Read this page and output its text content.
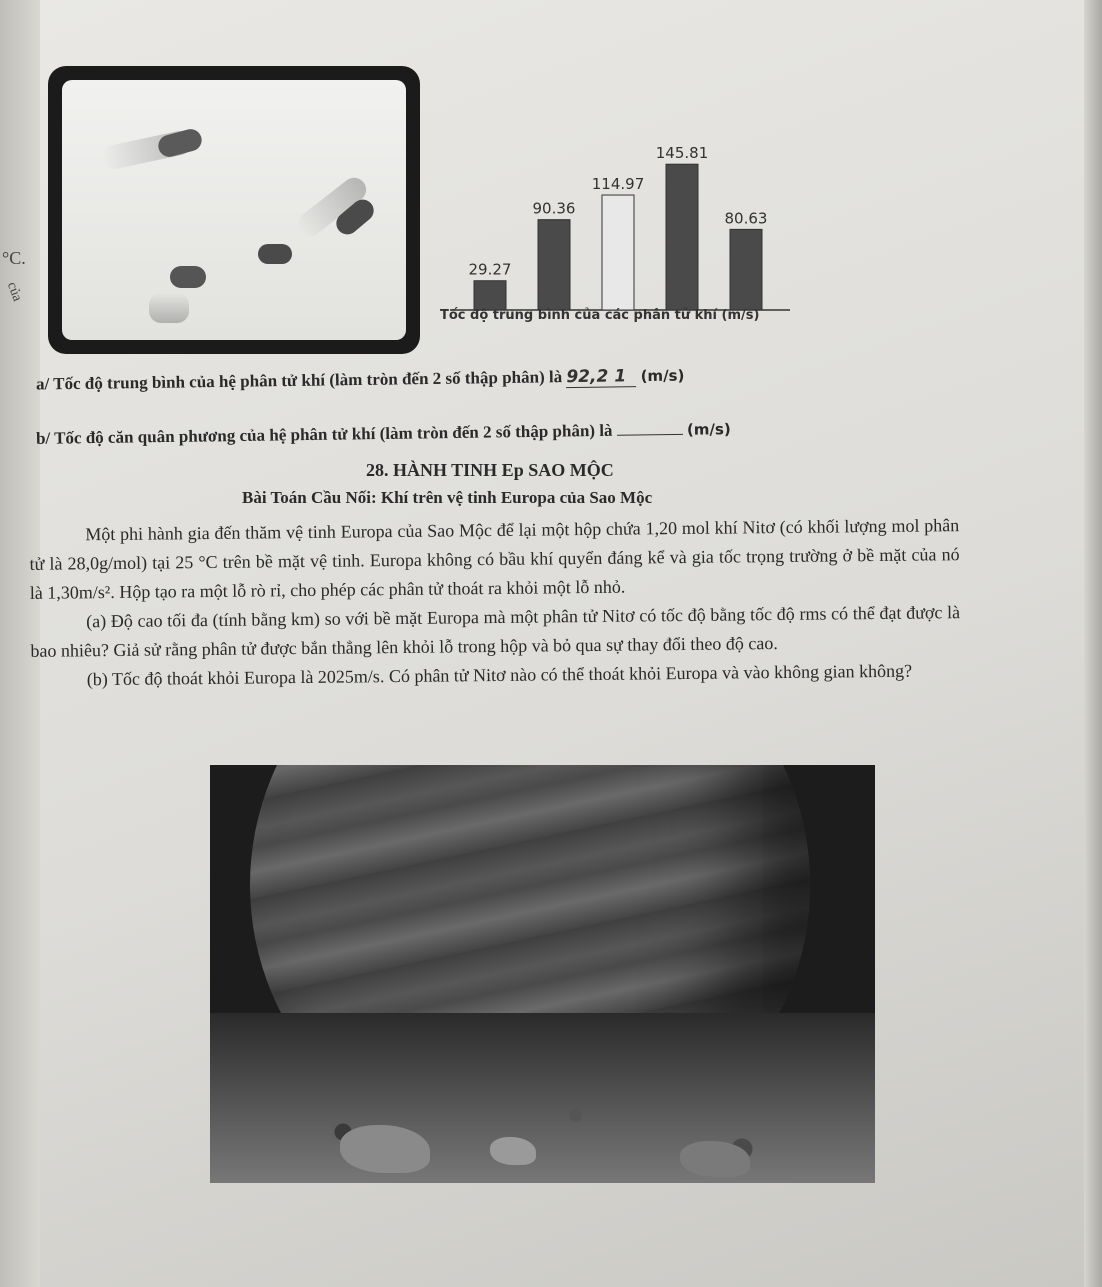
°C.
của
29.27
90.36
114.97
145.81
80.63
Tốc độ trung bình của các phân tử khí (m/s)
a/ Tốc độ trung bình của hệ phân tử khí (làm tròn đến 2 số thập phân) là 92,2 1 (m/s)
b/ Tốc độ căn quân phương của hệ phân tử khí (làm tròn đến 2 số thập phân) là	(m/s)
28. HÀNH TINH Ep SAO MỘC
Bài Toán Cầu Nối: Khí trên vệ tinh Europa của Sao Mộc

Một phi hành gia đến thăm vệ tinh Europa của Sao Mộc để lại một hộp chứa 1,20 mol khí Nitơ (có khối lượng mol phân tử là 28,0g/mol) tại 25 °C trên bề mặt vệ tinh. Europa không có bầu khí quyển đáng kể và gia tốc trọng trường ở bề mặt của nó là 1,30m/s². Hộp tạo ra một lỗ rò rỉ, cho phép các phân tử thoát ra khỏi một lỗ nhỏ.

(a) Độ cao tối đa (tính bằng km) so với bề mặt Europa mà một phân tử Nitơ có tốc độ bằng tốc độ rms có thể đạt được là bao nhiêu? Giả sử rằng phân tử được bắn thẳng lên khỏi lỗ trong hộp và bỏ qua sự thay đổi theo độ cao.

(b) Tốc độ thoát khỏi Europa là 2025m/s. Có phân tử Nitơ nào có thể thoát khỏi Europa và vào không gian không?
